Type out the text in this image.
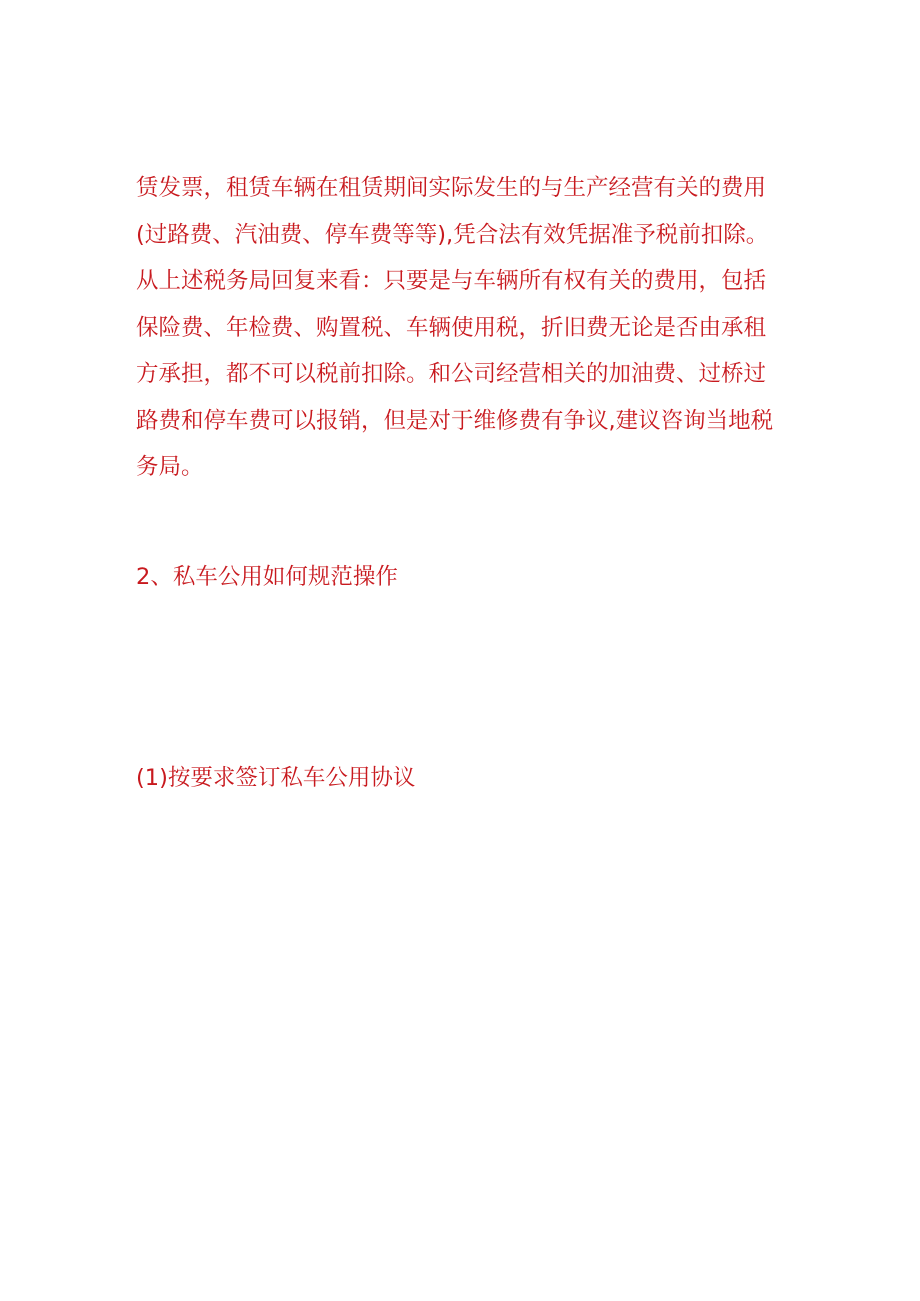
赁发票，租赁车辆在租赁期间实际发生的与生产经营有关的费用
(过路费、汽油费、停车费等等),凭合法有效凭据准予税前扣除。
从上述税务局回复来看：只要是与车辆所有权有关的费用，包括
保险费、年检费、购置税、车辆使用税，折旧费无论是否由承租
方承担，都不可以税前扣除。和公司经营相关的加油费、过桥过
路费和停车费可以报销，但是对于维修费有争议,建议咨询当地税
务局。
2、私车公用如何规范操作
(1)按要求签订私车公用协议
